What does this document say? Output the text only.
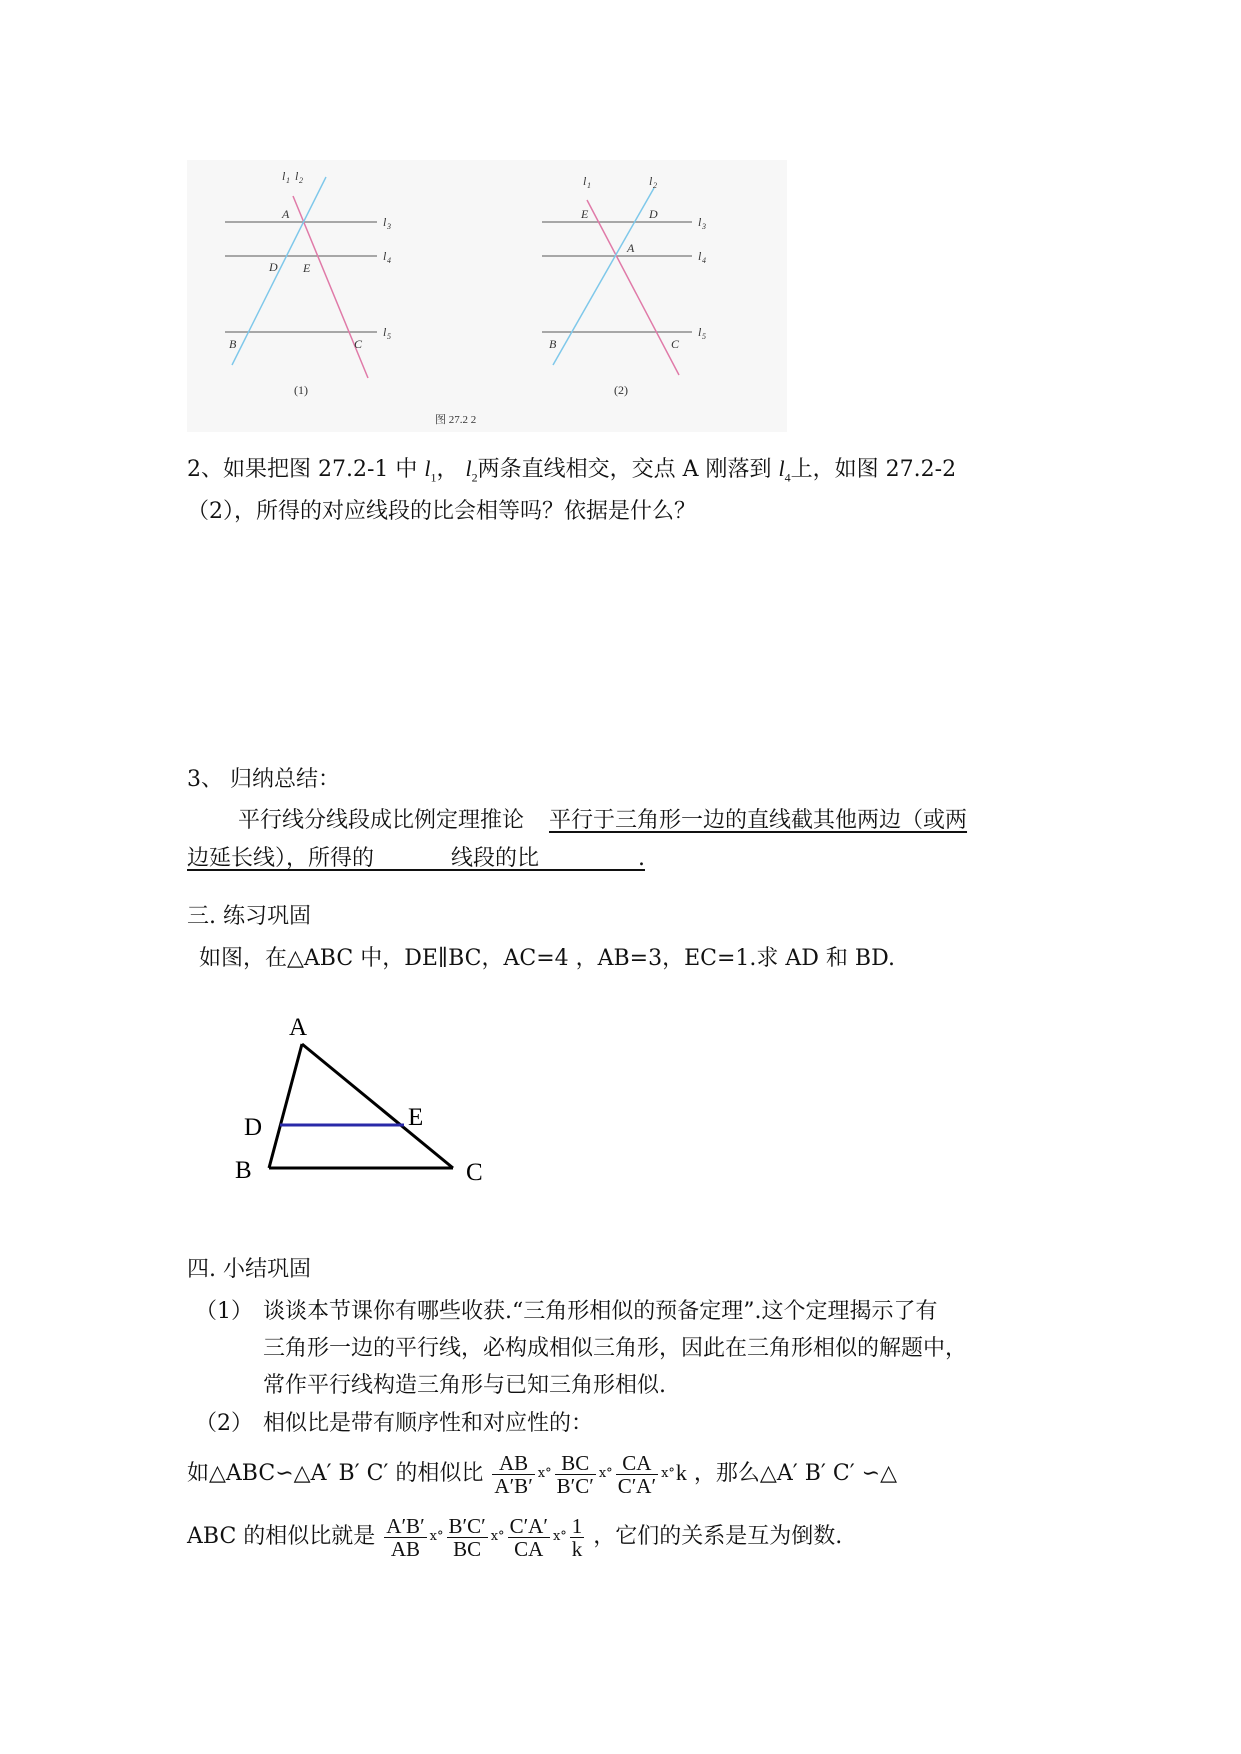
l 1 l 2
l 3
l 4
l 5
A
D E
B	C
l 1	l 2
l 3
l 4
l 5
E	D
A
B	C
(1)	(2)
图 27.2 2
2、如果把图 27.2-1 中 $l_1$， $l_2$两条直线相交，交点 A 刚落到 $l_4$上，如图 27.2-2
（2），所得的对应线段的比会相等吗？依据是什么？
3、 归纳总结：
平行线分线段成比例定理推论 平行于三角形一边的直线截其他两边（或两
边延长线），所得的_______线段的比_________.
三. 练习巩固
如图，在△ABC 中，DE∥BC，AC=4 ，AB=3，EC=1.求 AD 和 BD.
A
D	E
B	C
四. 小结巩固
（1） 谈谈本节课你有哪些收获.“三角形相似的预备定理”.这个定理揭示了有
三角形一边的平行线，必构成相似三角形，因此在三角形相似的解题中，
常作平行线构造三角形与已知三角形相似.
（2） 相似比是带有顺序性和对应性的：
如△ABC∽△A′ B′ C′ 的相似比 $\frac{AB}{A'B'}$ ⅹ° $\frac{BC}{B'C'}$ ⅹ° $\frac{CA}{C'A'}$ ⅹ°k ，那么△A′ B′ C′ ∽△
ABC 的相似比就是 $\frac{A'B'}{AB}$ ⅹ° $\frac{B'C'}{BC}$ ⅹ° $\frac{C'A'}{CA}$ ⅹ° $\frac{1}{k}$ ，它们的关系是互为倒数.
